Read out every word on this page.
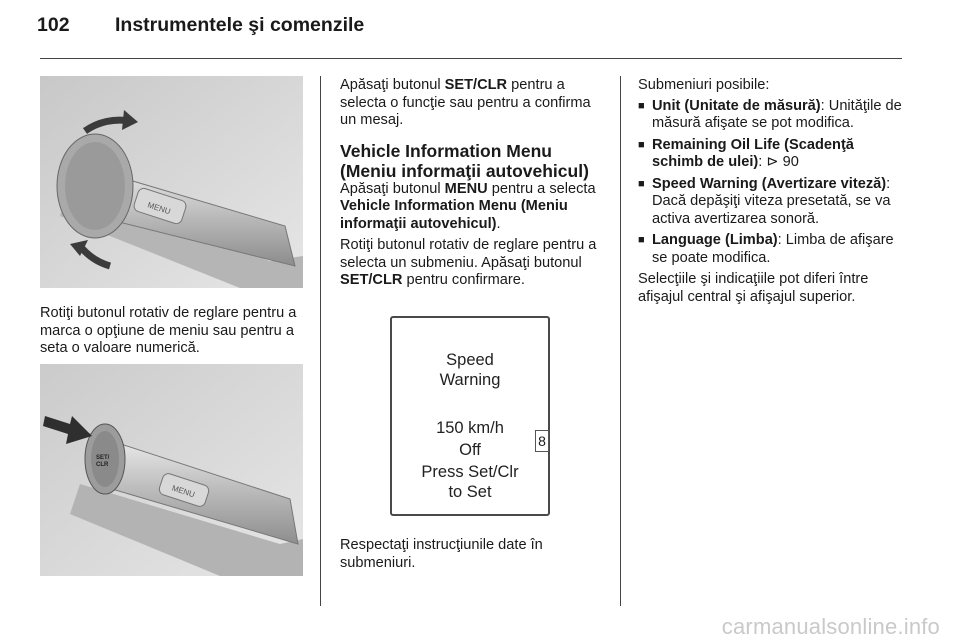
102 Instrumentele şi comenzile
MENU
Rotiţi butonul rotativ de reglare pentru a marca o opţiune de meniu sau pentru a seta o valoare numerică.
SET/
CLR
MENU

Apăsaţi butonul SET/CLR pentru a selecta o funcţie sau pentru a confirma un mesaj.

Vehicle Information Menu (Meniu informaţii autovehicul)

Apăsaţi butonul MENU pentru a selecta Vehicle Information Menu (Meniu informaţii autovehicul).

Rotiţi butonul rotativ de reglare pentru a selecta un submeniu. Apăsaţi butonul SET/CLR pentru confirmare.

Speed
Warning
150 km/h
Off
Press Set/Clr
to Set
8
Respectaţi instrucţiunile date în submeniuri.

Submeniuri posibile:

■ Unit (Unitate de măsură): Unităţile de măsură afişate se pot modifica.
■ Remaining Oil Life (Scadenţă schimb de ulei): ⊳ 90
■ Speed Warning (Avertizare viteză): Dacă depăşiţi viteza presetată, se va activa avertizarea sonoră.
■ Language (Limba): Limba de afişare se poate modifica.

Selecţiile şi indicaţiile pot diferi între afişajul central şi afişajul superior.

carmanualsonline.info
